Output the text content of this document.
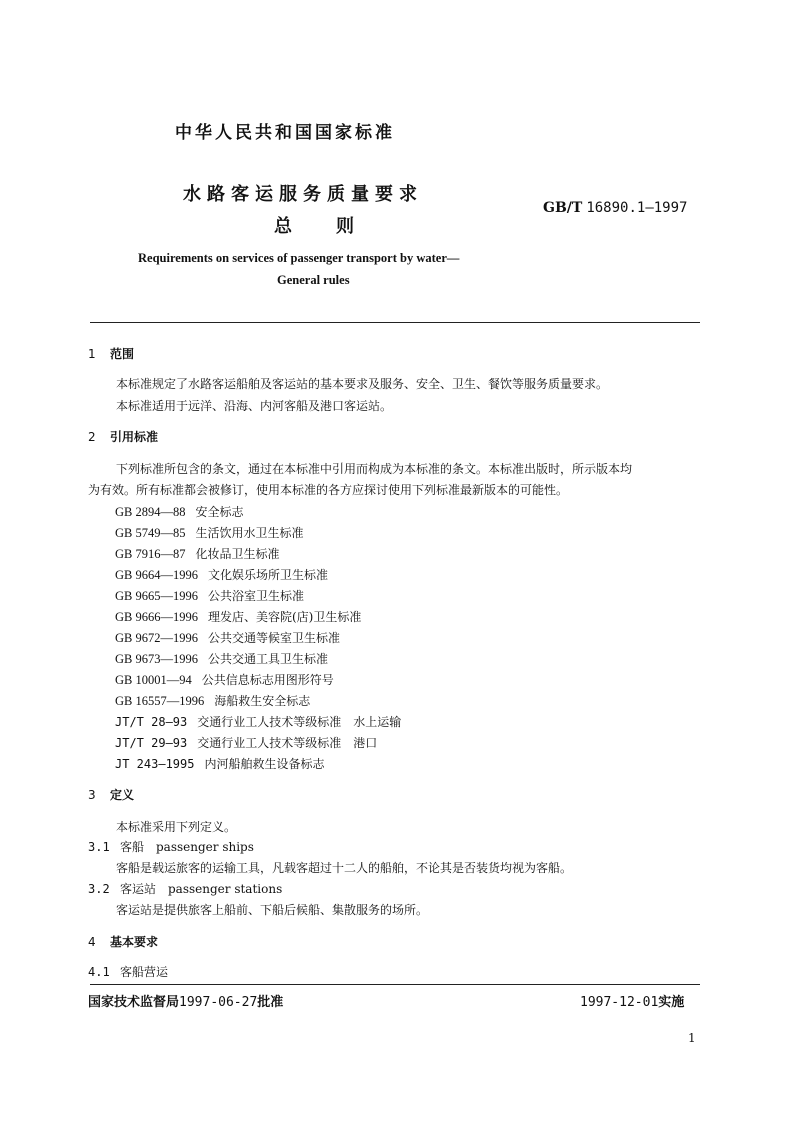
中华人民共和国国家标准
水路客运服务质量要求
总则
GB/T 16890.1—1997
Requirements on services of passenger transport by water—
General rules
1 范围
本标准规定了水路客运船舶及客运站的基本要求及服务、安全、卫生、餐饮等服务质量要求。
本标准适用于远洋、沿海、内河客船及港口客运站。
2 引用标准
下列标准所包含的条文，通过在本标准中引用而构成为本标准的条文。本标准出版时，所示版本均
为有效。所有标准都会被修订，使用本标准的各方应探讨使用下列标准最新版本的可能性。
GB 2894—88 安全标志
GB 5749—85 生活饮用水卫生标准
GB 7916—87 化妆品卫生标准
GB 9664—1996 文化娱乐场所卫生标准
GB 9665—1996 公共浴室卫生标准
GB 9666—1996 理发店、美容院(店)卫生标准
GB 9672—1996 公共交通等候室卫生标准
GB 9673—1996 公共交通工具卫生标准
GB 10001—94 公共信息标志用图形符号
GB 16557—1996 海船救生安全标志
JT/T 28—93 交通行业工人技术等级标准　水上运输
JT/T 29—93 交通行业工人技术等级标准　港口
JT 243—1995 内河船舶救生设备标志
3 定义
本标准采用下列定义。
3.1 客船　passenger ships
客船是载运旅客的运输工具，凡载客超过十二人的船舶，不论其是否装货均视为客船。
3.2 客运站　passenger stations
客运站是提供旅客上船前、下船后候船、集散服务的场所。
4 基本要求
4.1 客船营运
国家技术监督局1997-06-27批准	1997-12-01实施
1
